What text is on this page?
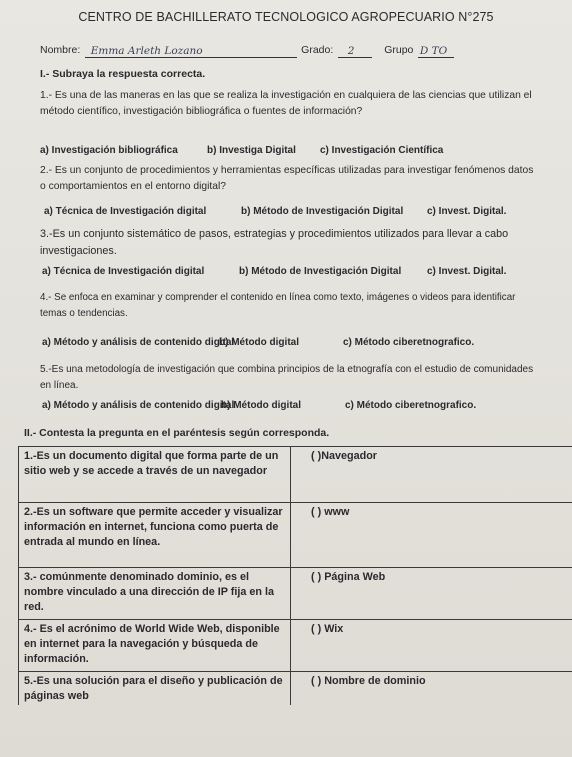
CENTRO DE BACHILLERATO TECNOLOGICO AGROPECUARIO N°275
Nombre: Emma Arleth Lozano	Grado: 2	Grupo D TO
I.- Subraya la respuesta correcta.
1.- Es una de las maneras en las que se realiza la investigación en cualquiera de las ciencias que utilizan el método científico, investigación bibliográfica o fuentes de información?
a) Investigación bibliográfica	b) Investiga Digital c) Investigación Científica
2.- Es un conjunto de procedimientos y herramientas específicas utilizadas para investigar fenómenos datos o comportamientos en el entorno digital?
a) Técnica de Investigación digital	b) Método de Investigación Digital c) Invest. Digital.
3.-Es un conjunto sistemático de pasos, estrategias y procedimientos utilizados para llevar a cabo investigaciones.
a) Técnica de Investigación digital	b) Método de Investigación Digital	c) Invest. Digital.
4.- Se enfoca en examinar y comprender el contenido en línea como texto, imágenes o videos para identificar temas o tendencias.
a) Método y análisis de contenido digitalb) Método digital	c) Método ciberetnografico.
5.-Es una metodología de investigación que combina principios de la etnografía con el estudio de comunidades en línea.
a) Método y análisis de contenido digitalb) Método digital	c) Método ciberetnografico.
II.- Contesta la pregunta en el paréntesis según corresponda.
1.-Es un documento digital que forma parte de un sitio web y se accede a través de un navegador	( )Navegador
2.-Es un software que permite acceder y visualizar información en internet, funciona como puerta de entrada al mundo en línea.	( ) www
3.- comúnmente denominado dominio, es el nombre vinculado a una dirección de IP fija en la red.	( ) Página Web
4.- Es el acrónimo de World Wide Web, disponible en internet para la navegación y búsqueda de información.	( ) Wix
5.-Es una solución para el diseño y publicación de páginas web	( ) Nombre de dominio
